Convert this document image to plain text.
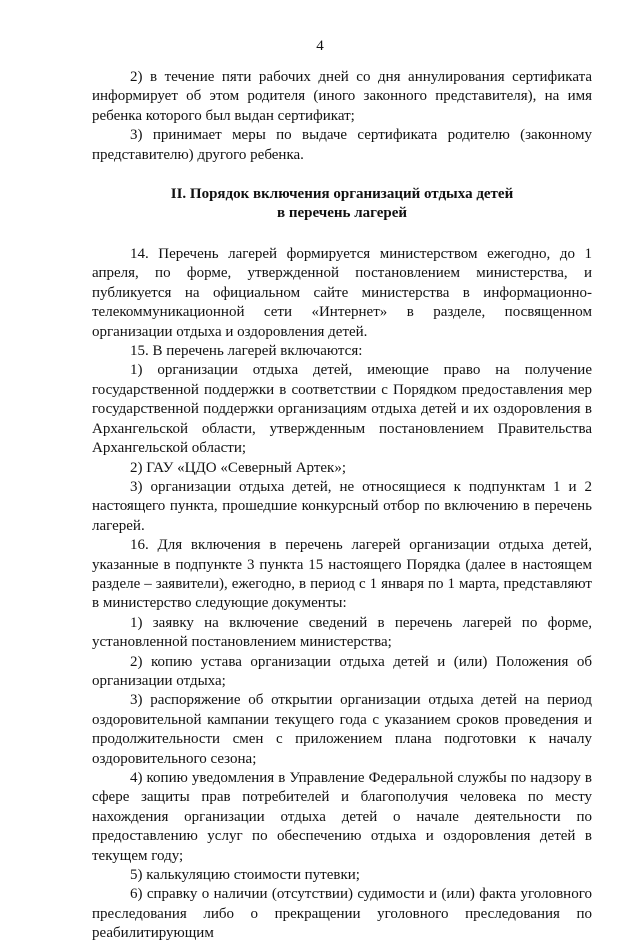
4

2) в течение пяти рабочих дней со дня аннулирования сертификата информирует об этом родителя (иного законного представителя), на имя ребенка которого был выдан сертификат;

3) принимает меры по выдаче сертификата родителю (законному представителю) другого ребенка.

II. Порядок включения организаций отдыха детей
в перечень лагерей

14. Перечень лагерей формируется министерством ежегодно, до 1 апреля, по форме, утвержденной постановлением министерства, и публикуется на официальном сайте министерства в информационно-телекоммуникационной сети «Интернет» в разделе, посвященном организации отдыха и оздоровления детей.

15. В перечень лагерей включаются:

1) организации отдыха детей, имеющие право на получение государственной поддержки в соответствии с Порядком предоставления мер государственной поддержки организациям отдыха детей и их оздоровления в Архангельской области, утвержденным постановлением Правительства Архангельской области;

2) ГАУ «ЦДО «Северный Артек»;

3) организации отдыха детей, не относящиеся к подпунктам 1 и 2 настоящего пункта, прошедшие конкурсный отбор по включению в перечень лагерей.

16. Для включения в перечень лагерей организации отдыха детей, указанные в подпункте 3 пункта 15 настоящего Порядка (далее в настоящем разделе – заявители), ежегодно, в период с 1 января по 1 марта, представляют в министерство следующие документы:

1) заявку на включение сведений в перечень лагерей по форме, установленной постановлением министерства;

2) копию устава организации отдыха детей и (или) Положения об организации отдыха;

3) распоряжение об открытии организации отдыха детей на период оздоровительной кампании текущего года с указанием сроков проведения и продолжительности смен с приложением плана подготовки к началу оздоровительного сезона;

4) копию уведомления в Управление Федеральной службы по надзору в сфере защиты прав потребителей и благополучия человека по месту нахождения организации отдыха детей о начале деятельности по предоставлению услуг по обеспечению отдыха и оздоровления детей в текущем году;

5) калькуляцию стоимости путевки;

6) справку о наличии (отсутствии) судимости и (или) факта уголовного преследования либо о прекращении уголовного преследования по реабилитирующим
